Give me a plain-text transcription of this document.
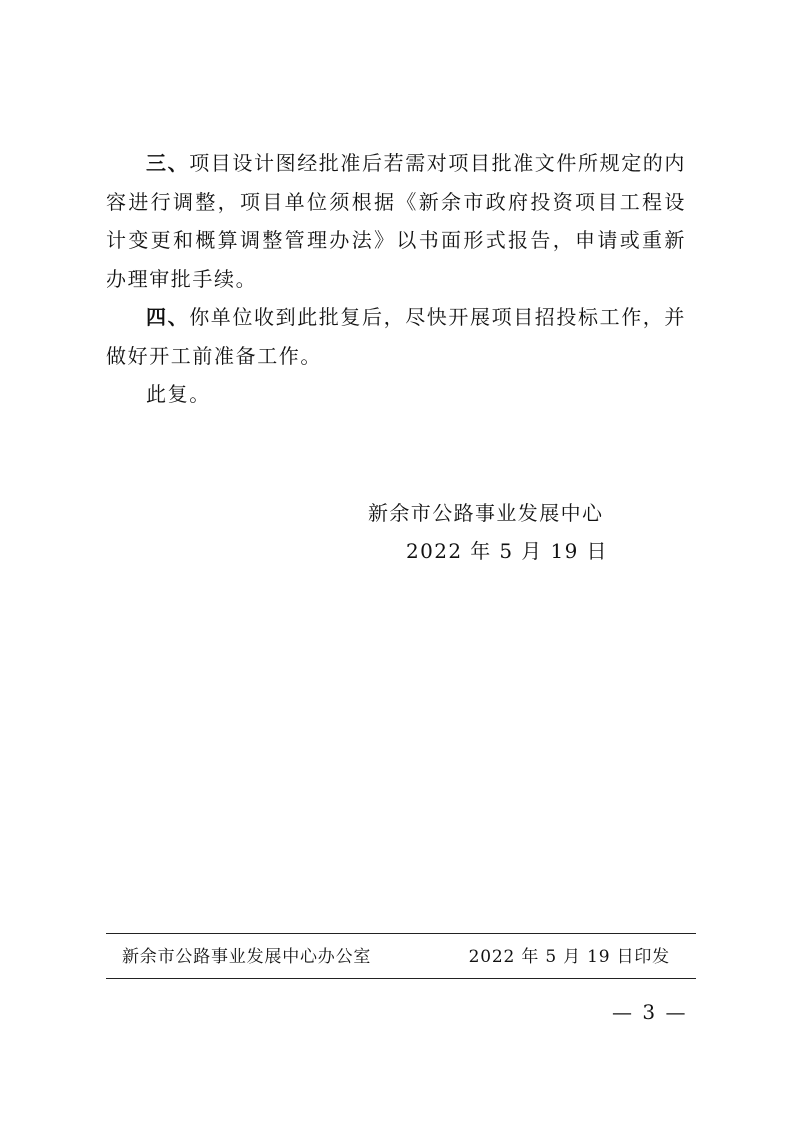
三、项目设计图经批准后若需对项目批准文件所规定的内容进行调整，项目单位须根据《新余市政府投资项目工程设计变更和概算调整管理办法》以书面形式报告，申请或重新办理审批手续。

四、你单位收到此批复后，尽快开展项目招投标工作，并做好开工前准备工作。

此复。

新余市公路事业发展中心
2022 年 5 月 19 日
新余市公路事业发展中心办公室	2022 年 5 月 19 日印发
— 3 —
